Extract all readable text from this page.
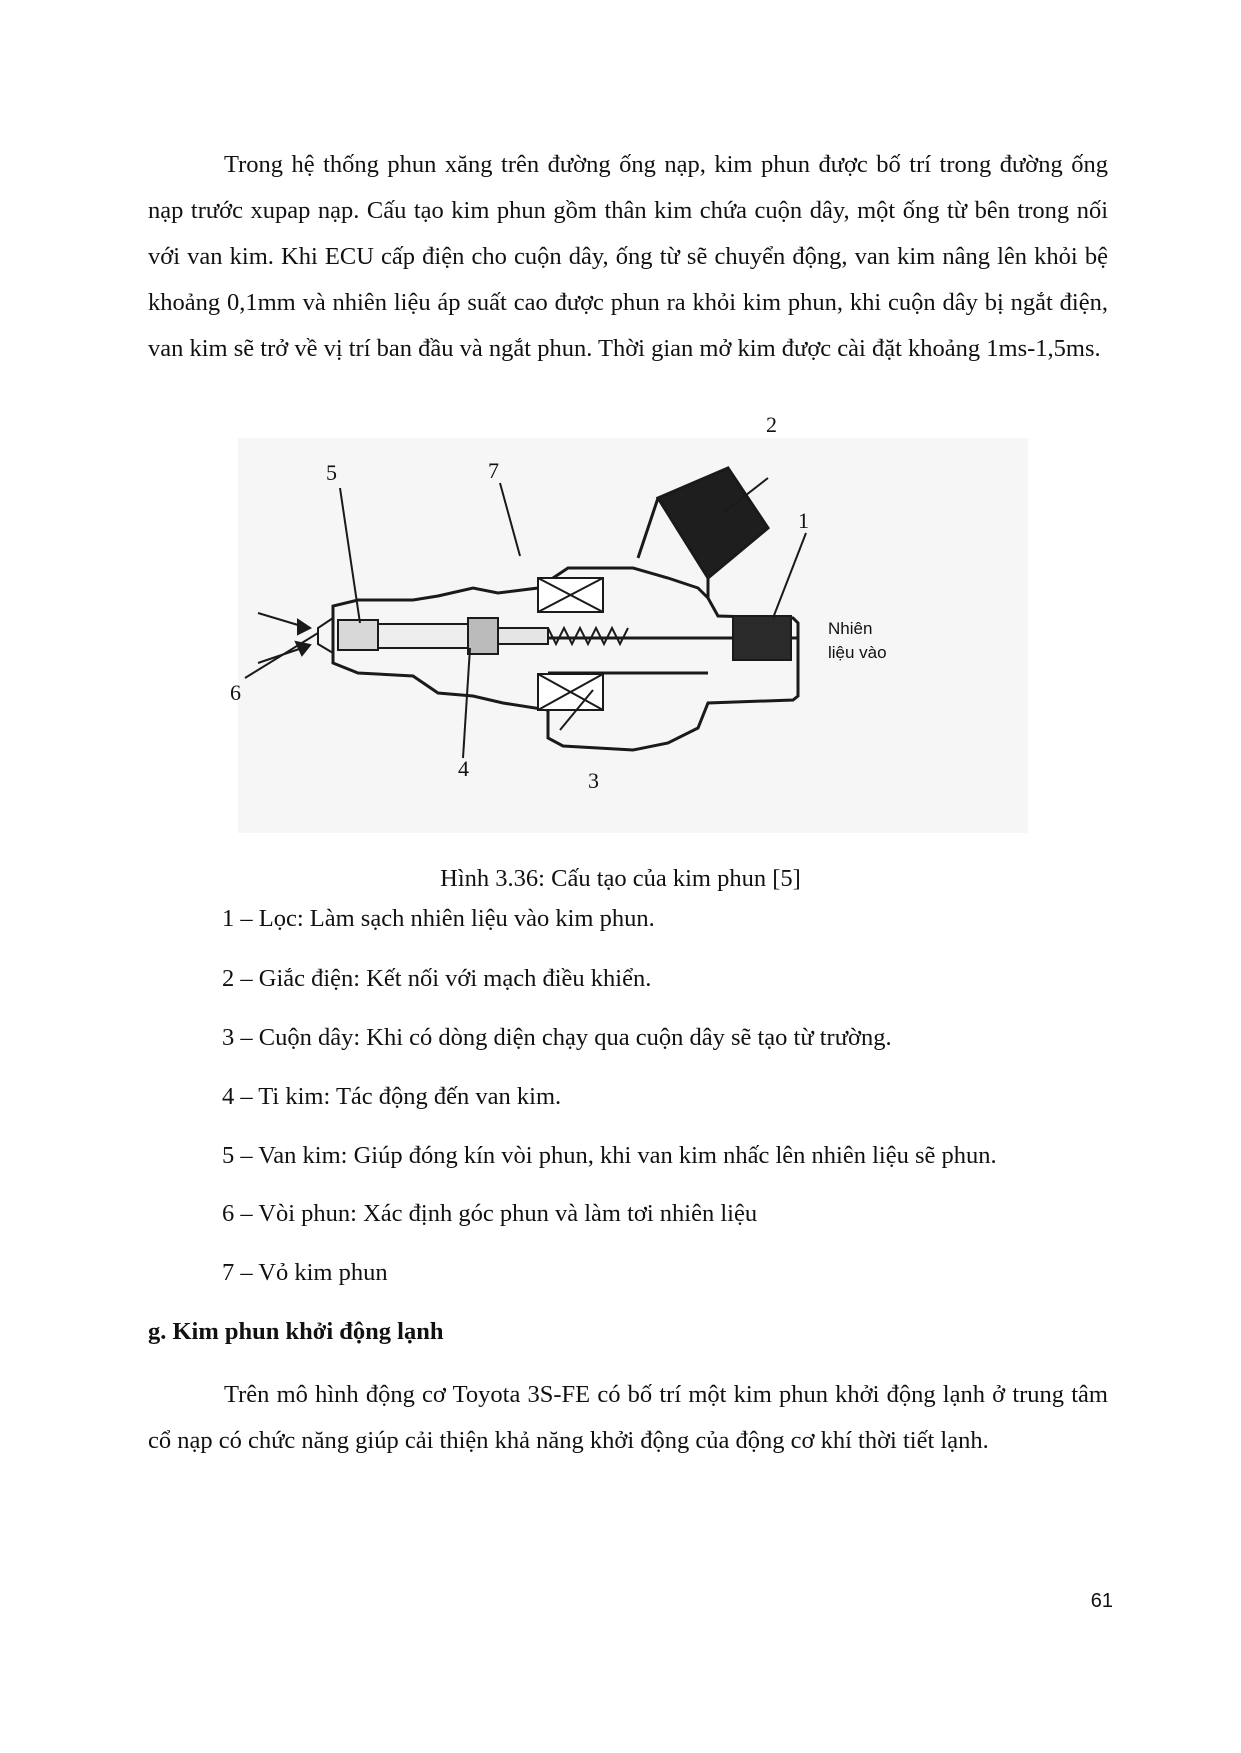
Trong hệ thống phun xăng trên đường ống nạp, kim phun được bố trí trong đường ống nạp trước xupap nạp. Cấu tạo kim phun gồm thân kim chứa cuộn dây, một ống từ bên trong nối với van kim. Khi ECU cấp điện cho cuộn dây, ống từ sẽ chuyển động, van kim nâng lên khỏi bệ khoảng 0,1mm và nhiên liệu áp suất cao được phun ra khỏi kim phun, khi cuộn dây bị ngắt điện, van kim sẽ trở về vị trí ban đầu và ngắt phun. Thời gian mở kim được cài đặt khoảng 1ms-1,5ms.

5	7
2
1
3
4
6
Nhiên
liệu vào

Hình 3.36: Cấu tạo của kim phun [5]

1 – Lọc: Làm sạch nhiên liệu vào kim phun.

2 – Giắc điện: Kết nối với mạch điều khiển.

3 – Cuộn dây: Khi có dòng diện chạy qua cuộn dây sẽ tạo từ trường.

4 – Ti kim: Tác động đến van kim.

5 – Van kim: Giúp đóng kín vòi phun, khi van kim nhấc lên nhiên liệu sẽ phun.

6 – Vòi phun: Xác định góc phun và làm tơi nhiên liệu

7 – Vỏ kim phun

g. Kim phun khởi động lạnh

Trên mô hình động cơ Toyota 3S-FE có bố trí một kim phun khởi động lạnh ở trung tâm cổ nạp có chức năng giúp cải thiện khả năng khởi động của động cơ khí thời tiết lạnh.

61
